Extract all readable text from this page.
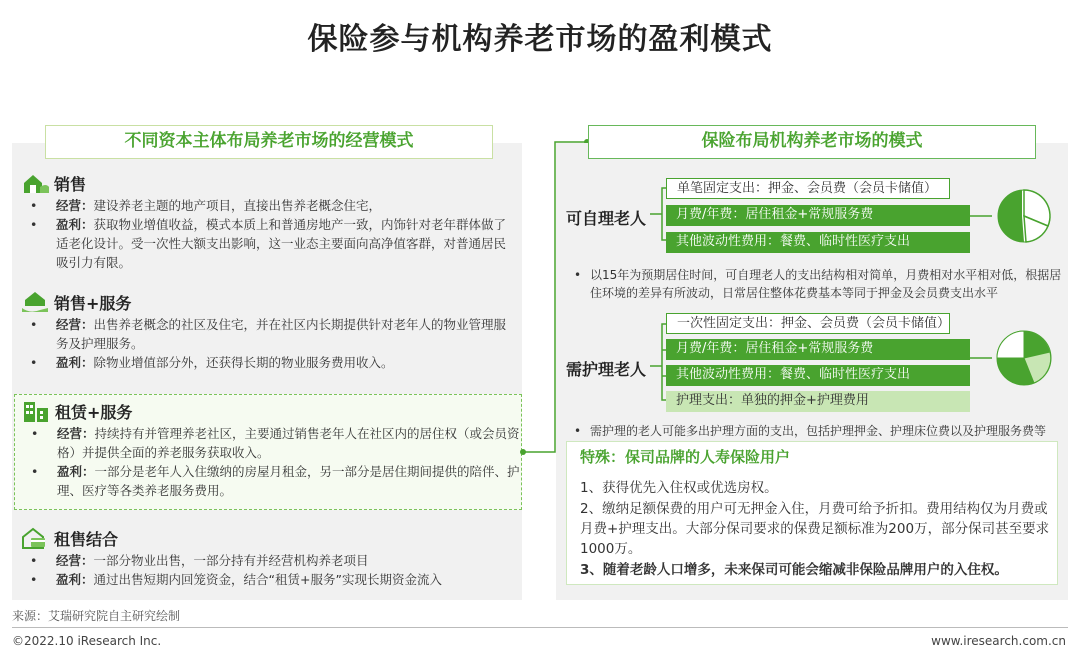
保险参与机构养老市场的盈利模式
不同资本主体布局养老市场的经营模式
销售
• 经营：建设养老主题的地产项目，直接出售养老概念住宅，
• 盈利：获取物业增值收益，模式本质上和普通房地产一致，内饰针对老年群体做了适老化设计。受一次性大额支出影响，这一业态主要面向高净值客群，对普通居民吸引力有限。
销售+服务
• 经营：出售养老概念的社区及住宅，并在社区内长期提供针对老年人的物业管理服务及护理服务。
• 盈利：除物业增值部分外，还获得长期的物业服务费用收入。
租赁+服务
• 经营：持续持有并管理养老社区，主要通过销售老年人在社区内的居住权（或会员资格）并提供全面的养老服务获取收入。
• 盈利：一部分是老年人入住缴纳的房屋月租金，另一部分是居住期间提供的陪伴、护理、医疗等各类养老服务费用。
租售结合
• 经营：一部分物业出售，一部分持有并经营机构养老项目
• 盈利：通过出售短期内回笼资金，结合“租赁+服务”实现长期资金流入
保险布局机构养老市场的模式
可自理老人
单笔固定支出：押金、会员费（会员卡储值）
月费/年费：居住租金+常规服务费
其他波动性费用：餐费、临时性医疗支出
• 以15年为预期居住时间，可自理老人的支出结构相对简单，月费相对水平相对低，根据居住环境的差异有所波动，日常居住整体花费基本等同于押金及会员费支出水平
需护理老人
一次性固定支出：押金、会员费（会员卡储值）
月费/年费：居住租金+常规服务费
其他波动性费用：餐费、临时性医疗支出
护理支出：单独的押金+护理费用
• 需护理的老人可能多出护理方面的支出，包括护理押金、护理床位费以及护理服务费等
特殊：保司品牌的人寿保险用户
1、获得优先入住权或优选房权。
2、缴纳足额保费的用户可无押金入住，月费可给予折扣。费用结构仅为月费或月费+护理支出。大部分保司要求的保费足额标准为200万，部分保司甚至要求1000万。
3、随着老龄人口增多，未来保司可能会缩减非保险品牌用户的入住权。
来源：艾瑞研究院自主研究绘制
©2022.10 iResearch Inc.	www.iresearch.com.cn
